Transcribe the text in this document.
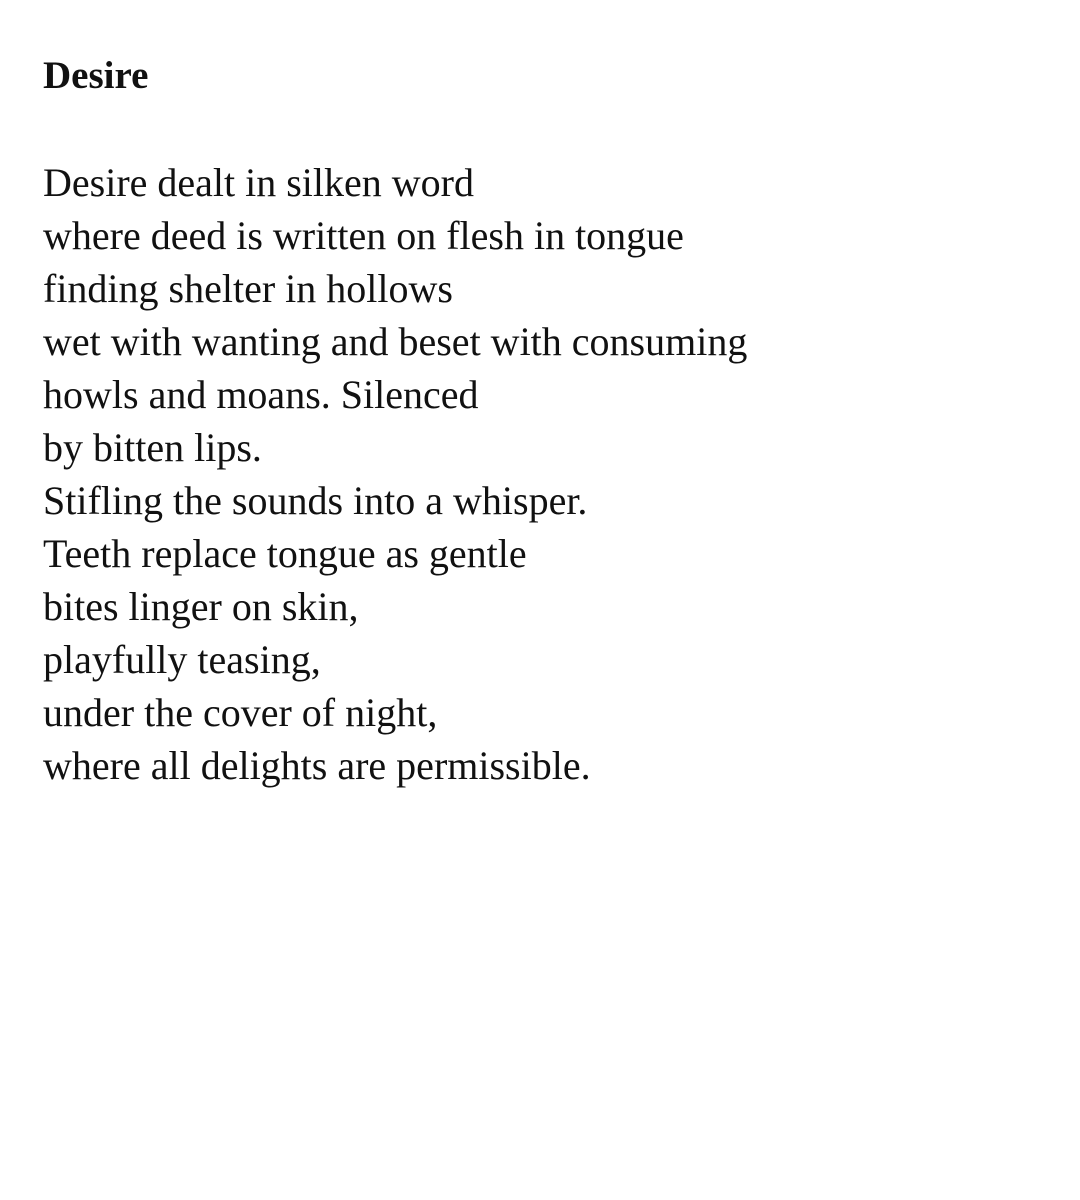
Desire
Desire dealt in silken word
where deed is written on flesh in tongue
finding shelter in hollows
wet with wanting and beset with consuming
howls and moans. Silenced
by bitten lips.
Stifling the sounds into a whisper.
Teeth replace tongue as gentle
bites linger on skin,
playfully teasing,
under the cover of night,
where all delights are permissible.
